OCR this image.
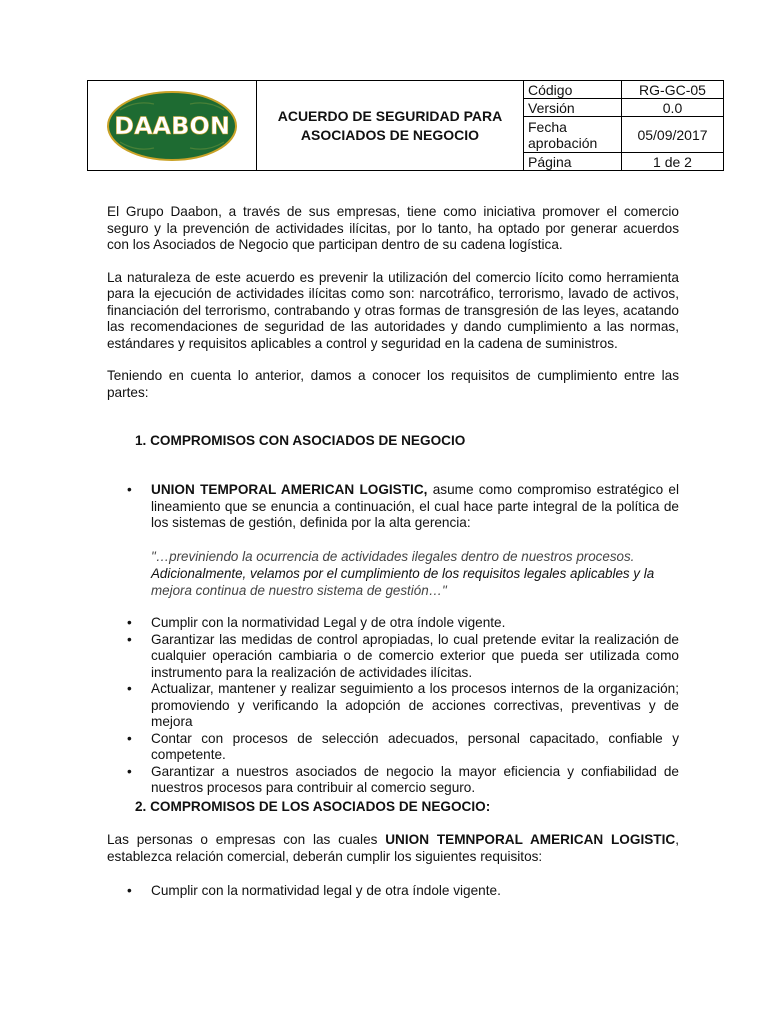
DAABON	ACUERDO DE SEGURIDAD PARA
ASOCIADOS DE NEGOCIO	Código	RG-GC-05
		Versión	0.0
		Fecha aprobación	05/09/2017
		Página	1 de 2

El Grupo Daabon, a través de sus empresas, tiene como iniciativa promover el comercio seguro y la prevención de actividades ilícitas, por lo tanto, ha optado por generar acuerdos con los Asociados de Negocio que participan dentro de su cadena logística.

La naturaleza de este acuerdo es prevenir la utilización del comercio lícito como herramienta para la ejecución de actividades ilícitas como son: narcotráfico, terrorismo, lavado de activos, financiación del terrorismo, contrabando y otras formas de transgresión de las leyes, acatando las recomendaciones de seguridad de las autoridades y dando cumplimiento a las normas, estándares y requisitos aplicables a control y seguridad en la cadena de suministros.

Teniendo en cuenta lo anterior, damos a conocer los requisitos de cumplimiento entre las partes:

1. COMPROMISOS CON ASOCIADOS DE NEGOCIO

• UNION TEMPORAL AMERICAN LOGISTIC, asume como compromiso estratégico el lineamiento que se enuncia a continuación, el cual hace parte integral de la política de los sistemas de gestión, definida por la alta gerencia:
"…previniendo la ocurrencia de actividades ilegales dentro de nuestros procesos.
Adicionalmente, velamos por el cumplimiento de los requisitos legales aplicables y la
mejora continua de nuestro sistema de gestión…"
• Cumplir con la normatividad Legal y de otra índole vigente.
• Garantizar las medidas de control apropiadas, lo cual pretende evitar la realización de cualquier operación cambiaria o de comercio exterior que pueda ser utilizada como instrumento para la realización de actividades ilícitas.
• Actualizar, mantener y realizar seguimiento a los procesos internos de la organización; promoviendo y verificando la adopción de acciones correctivas, preventivas y de mejora
• Contar con procesos de selección adecuados, personal capacitado, confiable y competente.
• Garantizar a nuestros asociados de negocio la mayor eficiencia y confiabilidad de nuestros procesos para contribuir al comercio seguro.

2. COMPROMISOS DE LOS ASOCIADOS DE NEGOCIO:

Las personas o empresas con las cuales UNION TEMNPORAL AMERICAN LOGISTIC, establezca relación comercial, deberán cumplir los siguientes requisitos:
• Cumplir con la normatividad legal y de otra índole vigente.
